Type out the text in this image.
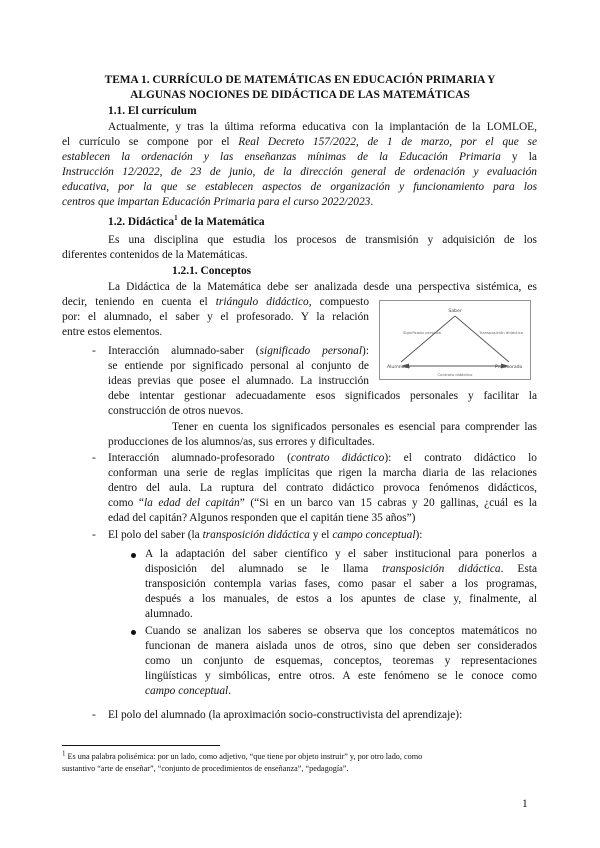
TEMA 1. CURRÍCULO DE MATEMÁTICAS EN EDUCACIÓN PRIMARIA Y
ALGUNAS NOCIONES DE DIDÁCTICA DE LAS MATEMÁTICAS
1.1. El currículum
Actualmente, y tras la última reforma educativa con la implantación de la LOMLOE,
el currículo se compone por el Real Decreto 157/2022, de 1 de marzo, por el que se
establecen la ordenación y las enseñanzas mínimas de la Educación Primaria y la
Instrucción 12/2022, de 23 de junio, de la dirección general de ordenación y evaluación
educativa, por la que se establecen aspectos de organización y funcionamiento para los
centros que impartan Educación Primaria para el curso 2022/2023.
1.2. Didáctica$^1$ de la Matemática
Es una disciplina que estudia los procesos de transmisión y adquisición de los
diferentes contenidos de la Matemáticas.
1.2.1. Conceptos
La Didáctica de la Matemática debe ser analizada desde una perspectiva sistémica, es
decir, teniendo en cuenta el triángulo didáctico, compuesto
por: el alumnado, el saber y el profesorado. Y la relación
entre estos elementos.
Saber
Alumnado	Profesorado
Significado personal	Transposición didáctica
Contrato didáctico
- Interacción alumnado-saber (significado personal):
se entiende por significado personal al conjunto de
ideas previas que posee el alumnado. La instrucción
debe intentar gestionar adecuadamente esos significados personales y facilitar la
construcción de otros nuevos.
Tener en cuenta los significados personales es esencial para comprender las
producciones de los alumnos/as, sus errores y dificultades.
- Interacción alumnado-profesorado (contrato didáctico): el contrato didáctico lo
conforman una serie de reglas implícitas que rigen la marcha diaria de las relaciones
dentro del aula. La ruptura del contrato didáctico provoca fenómenos didácticos,
como “la edad del capitán” (“Si en un barco van 15 cabras y 20 gallinas, ¿cuál es la
edad del capitán? Algunos responden que el capitán tiene 35 años”)
- El polo del saber (la transposición didáctica y el campo conceptual):
A la adaptación del saber científico y el saber institucional para ponerlos a
disposición del alumnado se le llama transposición didáctica. Esta
transposición contempla varias fases, como pasar el saber a los programas,
después a los manuales, de estos a los apuntes de clase y, finalmente, al
alumnado.
Cuando se analizan los saberes se observa que los conceptos matemáticos no
funcionan de manera aislada unos de otros, sino que deben ser considerados
como un conjunto de esquemas, conceptos, teoremas y representaciones
lingüísticas y simbólicas, entre otros. A este fenómeno se le conoce como
campo conceptual.
- El polo del alumnado (la aproximación socio-constructivista del aprendizaje):
$^1$ Es una palabra polisémica: por un lado, como adjetivo, “que tiene por objeto instruir” y, por otro lado, como
sustantivo “arte de enseñar”, “conjunto de procedimientos de enseñanza”, “pedagogía”.
1
